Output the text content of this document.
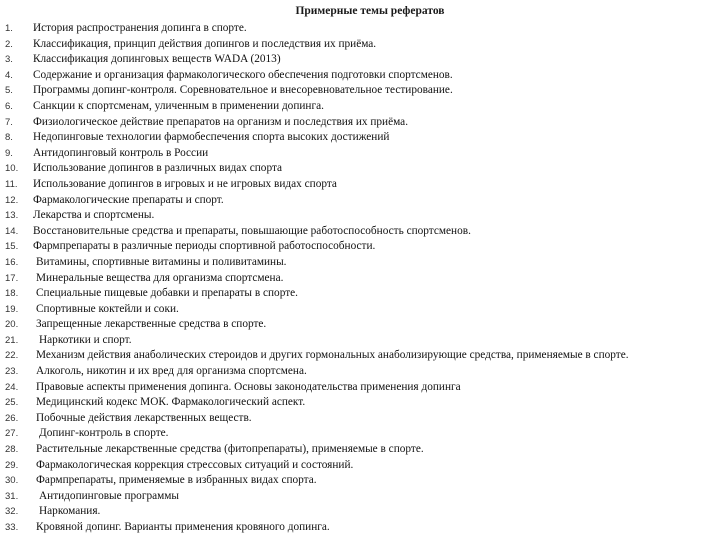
Примерные темы рефератов
1. История распространения допинга в спорте.
2. Классификация, принцип действия допингов и последствия их приёма.
3. Классификация допинговых веществ WADA (2013)
4. Содержание и организация фармакологического обеспечения подготовки спортсменов.
5. Программы допинг-контроля. Соревновательное и внесоревновательное тестирование.
6. Санкции к спортсменам, уличенным в применении допинга.
7. Физиологическое действие препаратов на организм и последствия их приёма.
8. Недопинговые технологии фармобеспечения спорта высоких достижений
9. Антидопинговый контроль в России
10. Использование допингов в различных видах спорта
11. Использование допингов в игровых и не игровых видах спорта
12. Фармакологические препараты и спорт.
13. Лекарства и спортсмены.
14. Восстановительные средства и препараты, повышающие работоспособность спортсменов.
15. Фармпрепараты в различные периоды спортивной работоспособности.
16. Витамины, спортивные витамины и поливитамины.
17. Минеральные вещества для организма спортсмена.
18. Специальные пищевые добавки и препараты в спорте.
19. Спортивные коктейли и соки.
20. Запрещенные лекарственные средства в спорте.
21. Наркотики и спорт.
22. Механизм действия анаболических стероидов и других гормональных анаболизирующие средства, применяемые в спорте.
23. Алкоголь, никотин и их вред для организма спортсмена.
24. Правовые аспекты применения допинга. Основы законодательства применения допинга
25. Медицинский кодекс МОК. Фармакологический аспект.
26. Побочные действия лекарственных веществ.
27. Допинг-контроль в спорте.
28. Растительные лекарственные средства (фитопрепараты), применяемые в спорте.
29. Фармакологическая коррекция стрессовых ситуаций и состояний.
30. Фармпрепараты, применяемые в избранных видах спорта.
31. Антидопинговые программы
32. Наркомания.
33. Кровяной допинг. Варианты применения кровяного допинга.
